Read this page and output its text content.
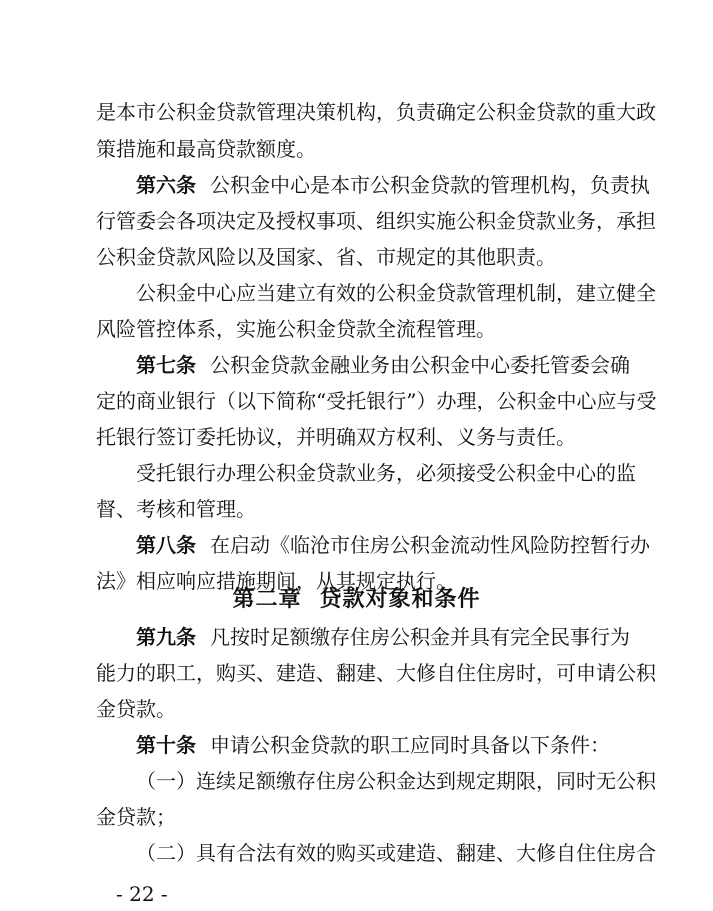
是本市公积金贷款管理决策机构，负责确定公积金贷款的重大政
策措施和最高贷款额度。
第六条 公积金中心是本市公积金贷款的管理机构，负责执
行管委会各项决定及授权事项、组织实施公积金贷款业务，承担
公积金贷款风险以及国家、省、市规定的其他职责。
公积金中心应当建立有效的公积金贷款管理机制，建立健全
风险管控体系，实施公积金贷款全流程管理。
第七条 公积金贷款金融业务由公积金中心委托管委会确
定的商业银行（以下简称“受托银行”）办理，公积金中心应与受
托银行签订委托协议，并明确双方权利、义务与责任。
受托银行办理公积金贷款业务，必须接受公积金中心的监
督、考核和管理。
第八条 在启动《临沧市住房公积金流动性风险防控暂行办
法》相应响应措施期间，从其规定执行。
第二章 贷款对象和条件
第九条 凡按时足额缴存住房公积金并具有完全民事行为
能力的职工，购买、建造、翻建、大修自住住房时，可申请公积
金贷款。
第十条 申请公积金贷款的职工应同时具备以下条件：
（一）连续足额缴存住房公积金达到规定期限，同时无公积
金贷款；
（二）具有合法有效的购买或建造、翻建、大修自住住房合
- 22 -
